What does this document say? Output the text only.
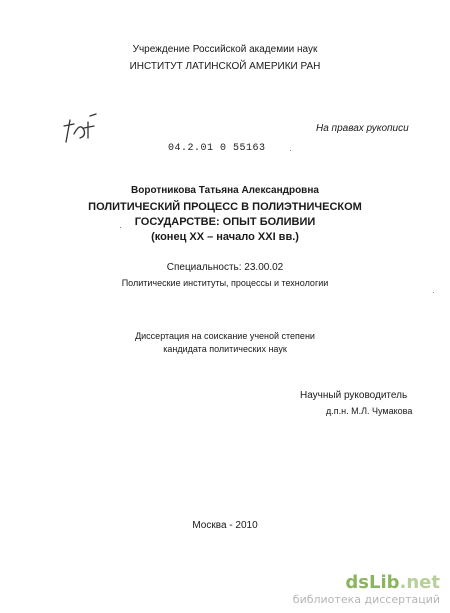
Учреждение Российской академии наук
ИНСТИТУТ ЛАТИНСКОЙ АМЕРИКИ РАН
На правах рукописи
04.2.01 0 55163
Воротникова Татьяна Александровна
ПОЛИТИЧЕСКИЙ ПРОЦЕСС В ПОЛИЭТНИЧЕСКОМ
ГОСУДАРСТВЕ: ОПЫТ БОЛИВИИ
(конец XX – начало XXI вв.)
Специальность: 23.00.02
Политические институты, процессы и технологии
Диссертация на соискание ученой степени
кандидата политических наук
Научный руководитель
д.п.н. М.Л. Чумакова
Москва - 2010
dsLib.net
библиотека диссертаций
